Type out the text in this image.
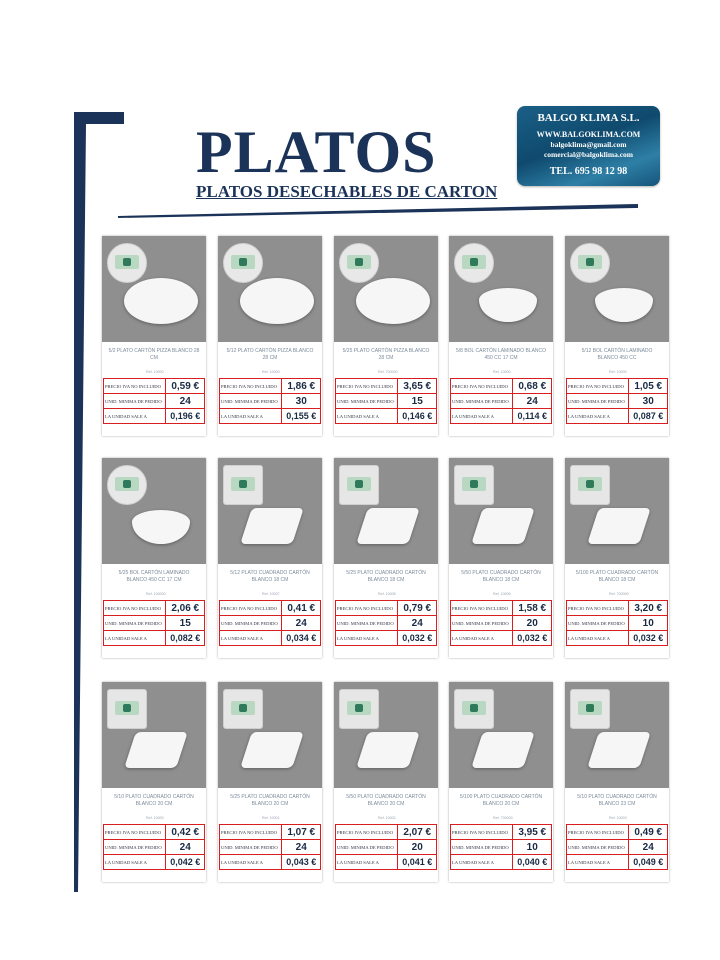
PLATOS
PLATOS DESECHABLES DE CARTON
BALGO KLIMA S.L.
WWW.BALGOKLIMA.COM
balgoklima@gmail.com
comercial@balgoklima.com
TEL. 695 98 12 98
5/2 PLATO CARTÓN PIZZA BLANCO 28 CM
Ref. 10000
PRECIO IVA NO INCLUIDO	0,59 €
UNID. MINIMA DE PEDIDO	24
LA UNIDAD SALE A	0,196 €
5/12 PLATO CARTÓN PIZZA BLANCO 28 CM
Ref. 10000
PRECIO IVA NO INCLUIDO	1,86 €
UNID. MINIMA DE PEDIDO	30
LA UNIDAD SALE A	0,155 €
5/25 PLATO CARTÓN PIZZA BLANCO 28 CM
Ref. 700000
PRECIO IVA NO INCLUIDO	3,65 €
UNID. MINIMA DE PEDIDO	15
LA UNIDAD SALE A	0,146 €
5/8 BOL CARTÓN LAMINADO BLANCO 450 CC 17 CM
Ref. 10000
PRECIO IVA NO INCLUIDO	0,68 €
UNID. MINIMA DE PEDIDO	24
LA UNIDAD SALE A	0,114 €
5/12 BOL CARTÓN LAMINADO BLANCO 450 CC
Ref. 10000
PRECIO IVA NO INCLUIDO	1,05 €
UNID. MINIMA DE PEDIDO	30
LA UNIDAD SALE A	0,087 €
5/25 BOL CARTÓN LAMINADO BLANCO 450 CC 17 CM
Ref. 100000
PRECIO IVA NO INCLUIDO	2,06 €
UNID. MINIMA DE PEDIDO	15
LA UNIDAD SALE A	0,082 €
5/12 PLATO CUADRADO CARTÓN BLANCO 18 CM
Ref. 10007
PRECIO IVA NO INCLUIDO	0,41 €
UNID. MINIMA DE PEDIDO	24
LA UNIDAD SALE A	0,034 €
5/25 PLATO CUADRADO CARTÓN BLANCO 18 CM
Ref. 10008
PRECIO IVA NO INCLUIDO	0,79 €
UNID. MINIMA DE PEDIDO	24
LA UNIDAD SALE A	0,032 €
5/50 PLATO CUADRADO CARTÓN BLANCO 18 CM
Ref. 10009
PRECIO IVA NO INCLUIDO	1,58 €
UNID. MINIMA DE PEDIDO	20
LA UNIDAD SALE A	0,032 €
5/100 PLATO CUADRADO CARTÓN BLANCO 18 CM
Ref. 700000
PRECIO IVA NO INCLUIDO	3,20 €
UNID. MINIMA DE PEDIDO	10
LA UNIDAD SALE A	0,032 €
5/10 PLATO CUADRADO CARTÓN BLANCO 20 CM
Ref. 10000
PRECIO IVA NO INCLUIDO	0,42 €
UNID. MINIMA DE PEDIDO	24
LA UNIDAD SALE A	0,042 €
5/25 PLATO CUADRADO CARTÓN BLANCO 20 CM
Ref. 10001
PRECIO IVA NO INCLUIDO	1,07 €
UNID. MINIMA DE PEDIDO	24
LA UNIDAD SALE A	0,043 €
5/50 PLATO CUADRADO CARTÓN BLANCO 20 CM
Ref. 10002
PRECIO IVA NO INCLUIDO	2,07 €
UNID. MINIMA DE PEDIDO	20
LA UNIDAD SALE A	0,041 €
5/100 PLATO CUADRADO CARTÓN BLANCO 20 CM
Ref. 700000
PRECIO IVA NO INCLUIDO	3,95 €
UNID. MINIMA DE PEDIDO	10
LA UNIDAD SALE A	0,040 €
5/10 PLATO CUADRADO CARTÓN BLANCO 23 CM
Ref. 10003
PRECIO IVA NO INCLUIDO	0,49 €
UNID. MINIMA DE PEDIDO	24
LA UNIDAD SALE A	0,049 €
